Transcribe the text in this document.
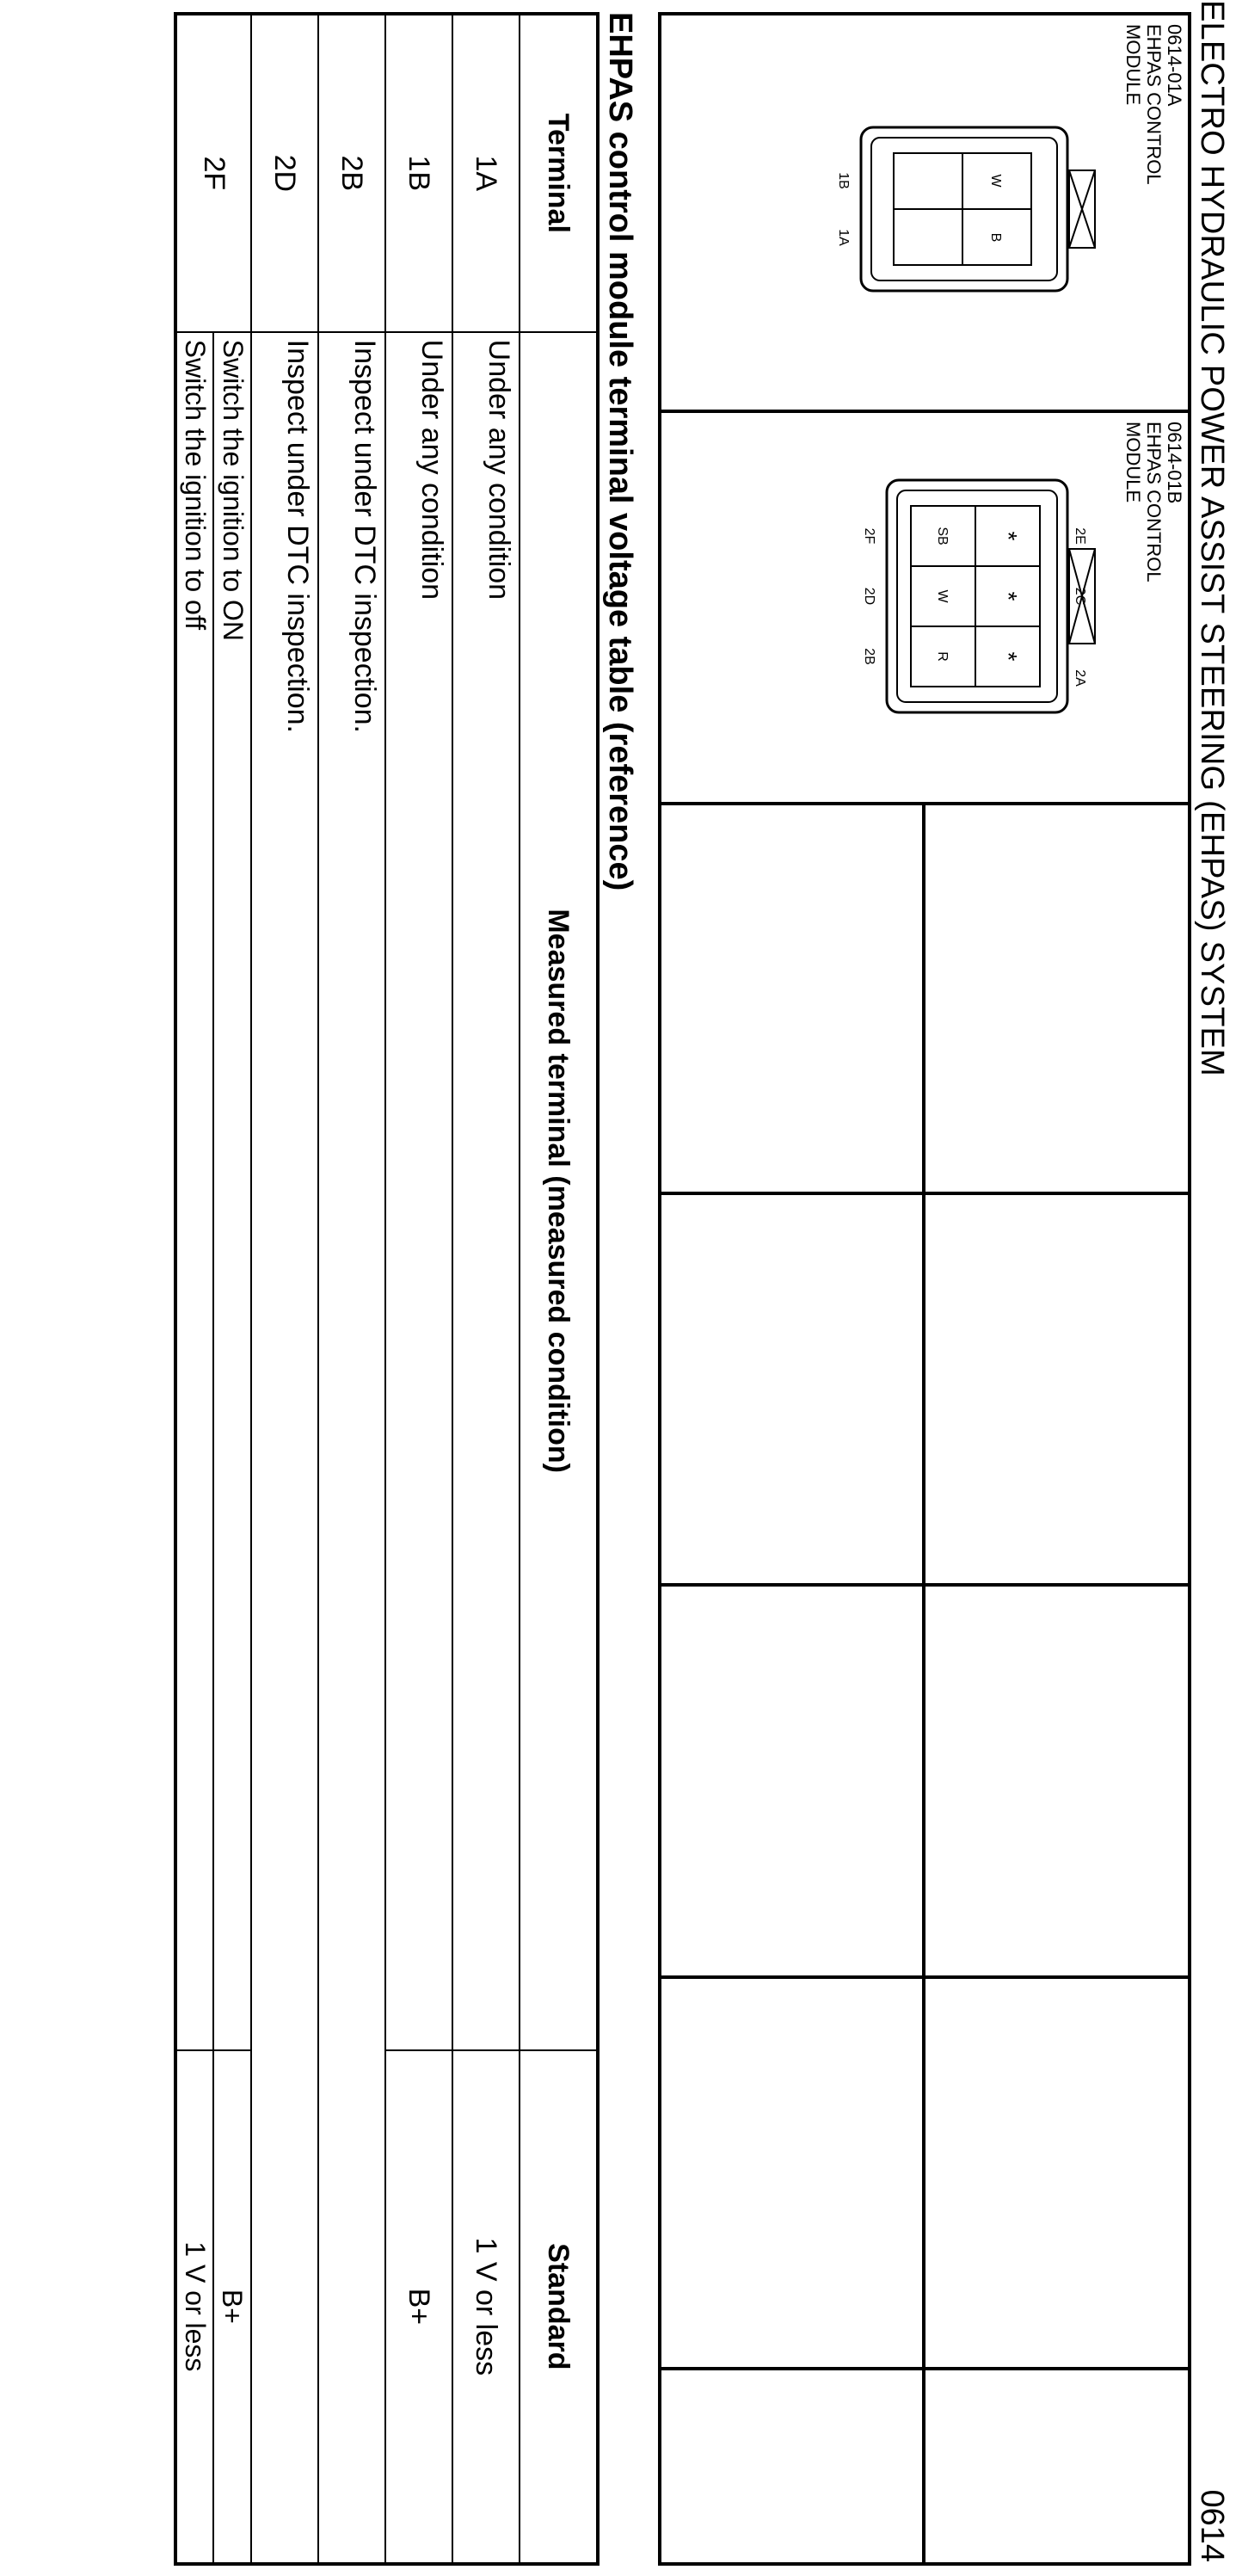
ELECTRO HYDRAULIC POWER ASSIST STEERING (EHPAS) SYSTEM
0614
0614-01A
EHPAS CONTROL
MODULE
W
B
1B
1A
0614-01B
EHPAS CONTROL
MODULE
*
*
*
SB
W
R
2E
2A
2C
2F
2D
2B
EHPAS control module terminal voltage table (reference)
Terminal	Measured terminal (measured condition)	Standard
1A	Under any condition	1 V or less
1B	Under any condition	B+
2B	Inspect under DTC inspection.	
2D	Inspect under DTC inspection.	
2F	Switch the ignition to ON	B+
	Switch the ignition to off	1 V or less
